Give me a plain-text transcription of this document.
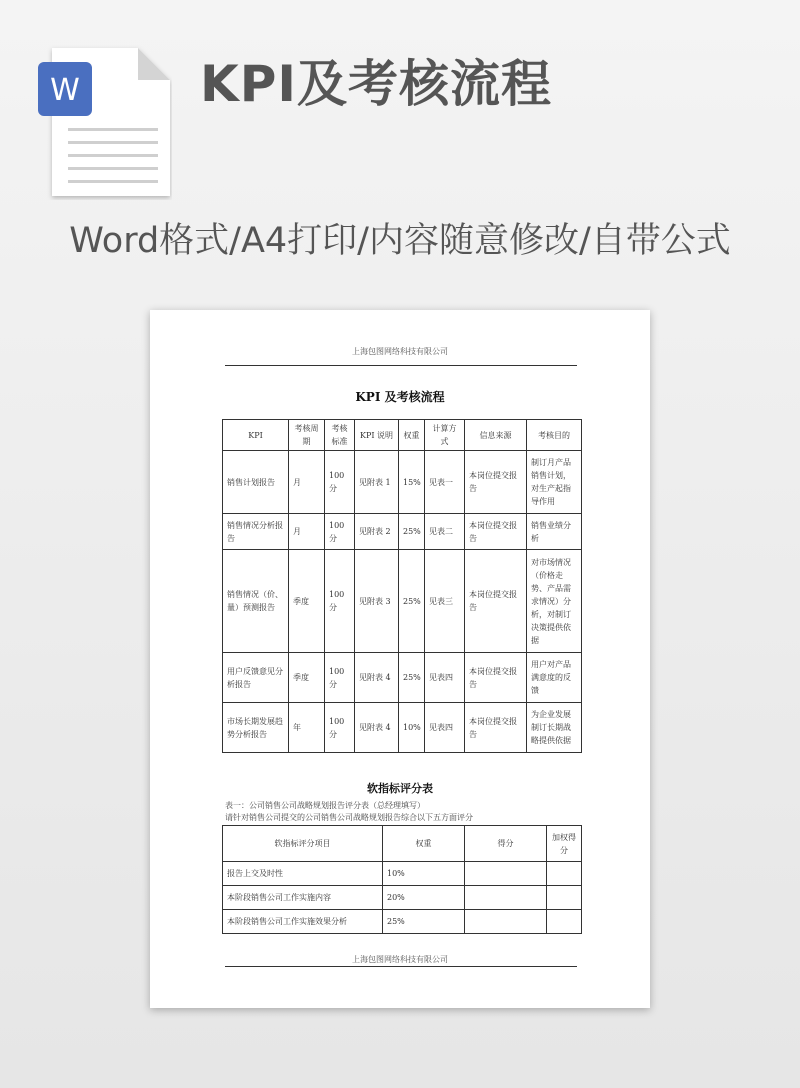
W KPI及考核流程
Word格式/A4打印/内容随意修改/自带公式
上海包图网络科技有限公司
KPI 及考核流程
KPI	考核周期	考核标准	KPI 说明	权重	计算方式	信息来源	考核目的
销售计划报告	月	100分	见附表 1	15%	见表一	本岗位提交报告	制订月产品销售计划，对生产起指导作用
销售情况分析报告	月	100分	见附表 2	25%	见表二	本岗位提交报告	销售业绩分析
销售情况（价、量）预测报告	季度	100分	见附表 3	25%	见表三	本岗位提交报告	对市场情况（价格走势、产品需求情况）分析，对制订决策提供依据
用户反馈意见分析报告	季度	100分	见附表 4	25%	见表四	本岗位提交报告	用户对产品满意度的反馈
市场长期发展趋势分析报告	年	100分	见附表 4	10%	见表四	本岗位提交报告	为企业发展制订长期战略提供依据
软指标评分表
表一：公司销售公司战略规划报告评分表（总经理填写）
请针对销售公司提交的公司销售公司战略规划报告综合以下五方面评分
软指标评分项目	权重	得分	加权得分
报告上交及时性	10%		
本阶段销售公司工作实施内容	20%		
本阶段销售公司工作实施效果分析	25%		
上海包图网络科技有限公司
